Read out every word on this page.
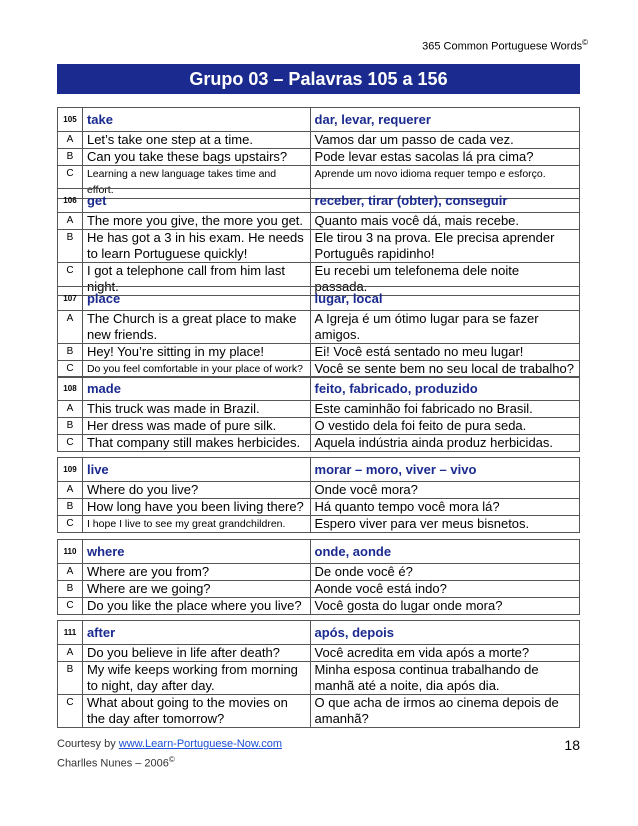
365 Common Portuguese Words©
Grupo 03 – Palavras 105 a 156
105	take	dar, levar, requerer
A	Let’s take one step at a time.	Vamos dar um passo de cada vez.
B	Can you take these bags upstairs?	Pode levar estas sacolas lá pra cima?
C	Learning a new language takes time and effort.	Aprende um novo idioma requer tempo e esforço.
106	get	receber, tirar (obter), conseguir
A	The more you give, the more you get.	Quanto mais você dá, mais recebe.
B	He has got a 3 in his exam. He needs to learn Portuguese quickly!	Ele tirou 3 na prova. Ele precisa aprender Português rapidinho!
C	I got a telephone call from him last night.	Eu recebi um telefonema dele noite passada.
107	place	lugar, local
A	The Church is a great place to make new friends.	A Igreja é um ótimo lugar para se fazer amigos.
B	Hey! You’re sitting in my place!	Ei! Você está sentado no meu lugar!
C	Do you feel comfortable in your place of work?	Você se sente bem no seu local de trabalho?
108	made	feito, fabricado, produzido
A	This truck was made in Brazil.	Este caminhão foi fabricado no Brasil.
B	Her dress was made of pure silk.	O vestido dela foi feito de pura seda.
C	That company still makes herbicides.	Aquela indústria ainda produz herbicidas.
109	live	morar – moro, viver – vivo
A	Where do you live?	Onde você mora?
B	How long have you been living there?	Há quanto tempo você mora lá?
C	I hope I live to see my great grandchildren.	Espero viver para ver meus bisnetos.
110	where	onde, aonde
A	Where are you from?	De onde você é?
B	Where are we going?	Aonde você está indo?
C	Do you like the place where you live?	Você gosta do lugar onde mora?
111	after	após, depois
A	Do you believe in life after death?	Você acredita em vida após a morte?
B	My wife keeps working from morning to night, day after day.	Minha esposa continua trabalhando de manhã até a noite, dia após dia.
C	What about going to the movies on the day after tomorrow?	O que acha de irmos ao cinema depois de amanhã?
Courtesy by www.Learn-Portuguese-Now.com
Charlles Nunes – 2006©
18
